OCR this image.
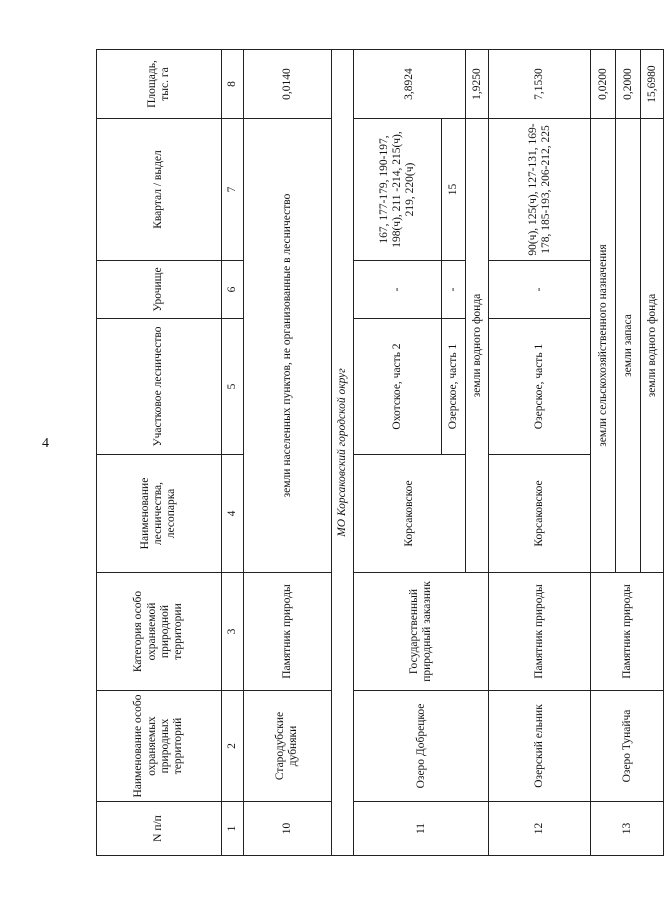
4
N п/п	Наименование особо охраняемых природных территорий	Категория особо охраняемой природной территории	Наименование лесничества, лесопарка	Участковое лесничество	Урочище	Квартал / выдел	Площадь, тыс. га
1	2	3	4	5	6	7	8
10	Стародубские дубняки	Памятник природы	земли населенных пунктов, не организованные в лесничество				0,0140
МО Корсаковский городской округ							
11	Озеро Добрецкое	Государственный природный заказник	Корсаковское	Охотское, часть 2	-	167, 177-179, 190-197, 198(ч), 211 -214, 215(ч), 219, 220(ч)	3,8924
				Озерское, часть 1	-	15	
			земли водного фонда				1,9250
12	Озерский ельник	Памятник природы	Корсаковское	Озерское, часть 1	-	90(ч), 125(ч), 127-131, 169-178, 185-193, 206-212, 225	7,1530
13	Озеро Тунайча	Памятник природы	земли сельскохозяйственного назначения				0,0200
			земли запаса				0,2000
			земли водного фонда				15,6980
